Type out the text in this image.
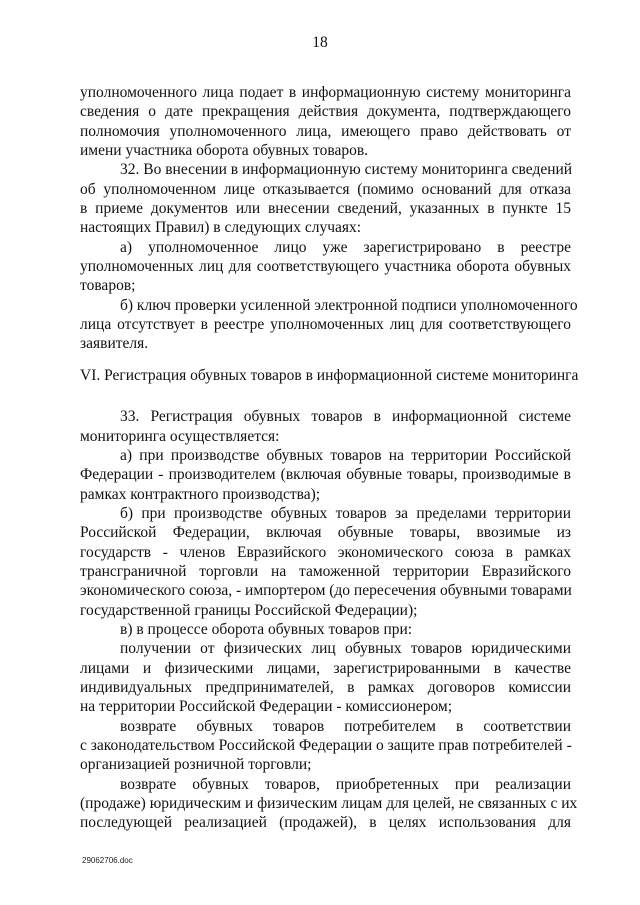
18
уполномоченного лица подает в информационную систему мониторинга
сведения о дате прекращения действия документа, подтверждающего
полномочия уполномоченного лица, имеющего право действовать от
имени участника оборота обувных товаров.
32. Во внесении в информационную систему мониторинга сведений
об уполномоченном лице отказывается (помимо оснований для отказа
в приеме документов или внесении сведений, указанных в пункте 15
настоящих Правил) в следующих случаях:
а) уполномоченное лицо уже зарегистрировано в реестре
уполномоченных лиц для соответствующего участника оборота обувных
товаров;
б) ключ проверки усиленной электронной подписи уполномоченного
лица отсутствует в реестре уполномоченных лиц для соответствующего
заявителя.
VI. Регистрация обувных товаров в информационной системе мониторинга
33. Регистрация обувных товаров в информационной системе
мониторинга осуществляется:
а) при производстве обувных товаров на территории Российской
Федерации - производителем (включая обувные товары, производимые в
рамках контрактного производства);
б) при производстве обувных товаров за пределами территории
Российской Федерации, включая обувные товары, ввозимые из
государств - членов Евразийского экономического союза в рамках
трансграничной торговли на таможенной территории Евразийского
экономического союза, - импортером (до пересечения обувными товарами
государственной границы Российской Федерации);
в) в процессе оборота обувных товаров при:
получении от физических лиц обувных товаров юридическими
лицами и физическими лицами, зарегистрированными в качестве
индивидуальных предпринимателей, в рамках договоров комиссии
на территории Российской Федерации - комиссионером;
возврате обувных товаров потребителем в соответствии
с законодательством Российской Федерации о защите прав потребителей -
организацией розничной торговли;
возврате обувных товаров, приобретенных при реализации
(продаже) юридическим и физическим лицам для целей, не связанных с их
последующей реализацией (продажей), в целях использования для
29062706.doc
